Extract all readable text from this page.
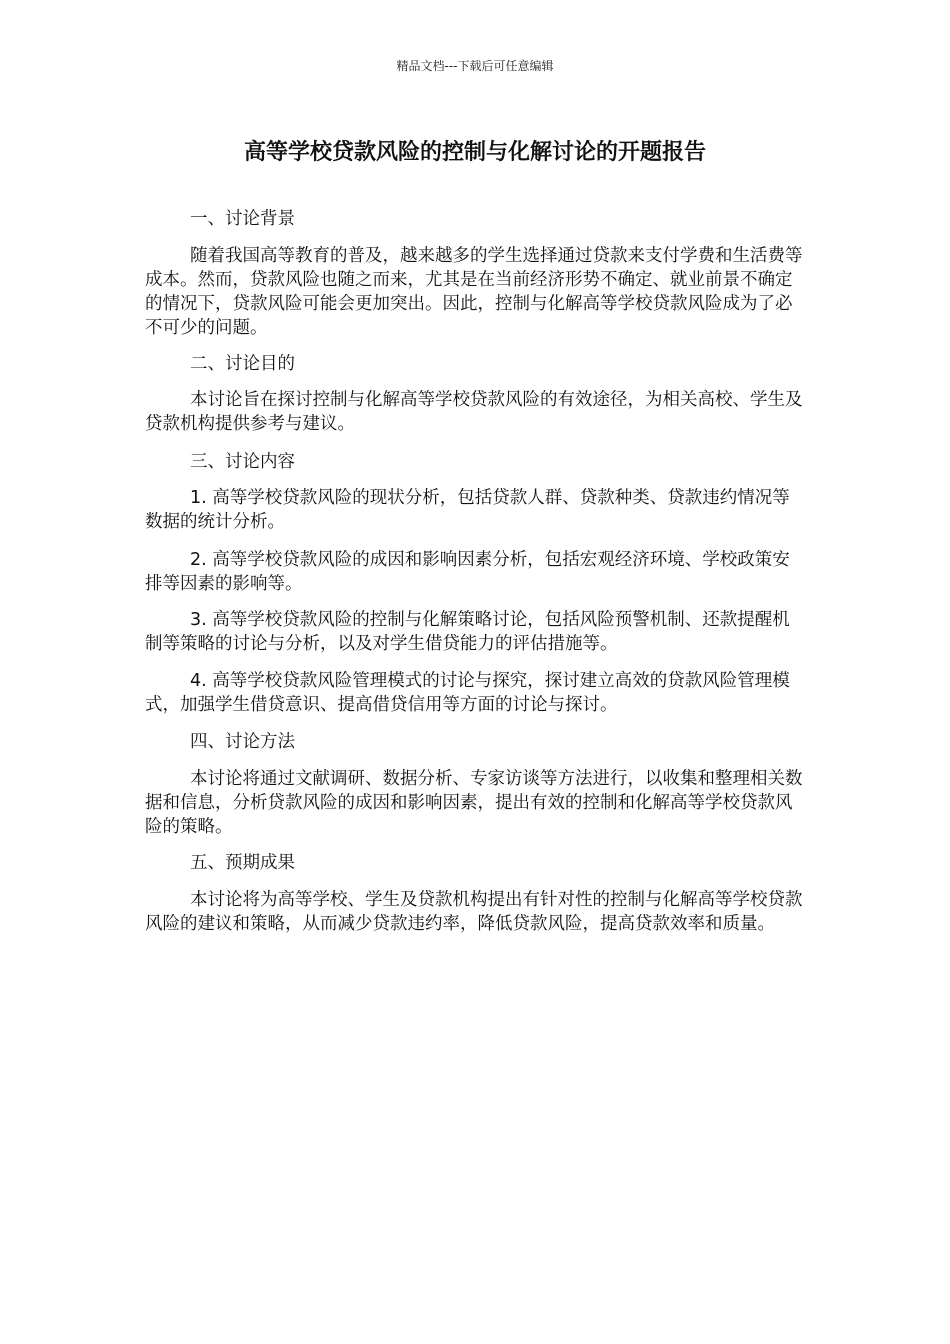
精品文档---下载后可任意编辑
高等学校贷款风险的控制与化解讨论的开题报告
一、讨论背景
随着我国高等教育的普及，越来越多的学生选择通过贷款来支付学费和生活费等
成本。然而，贷款风险也随之而来，尤其是在当前经济形势不确定、就业前景不确定
的情况下，贷款风险可能会更加突出。因此，控制与化解高等学校贷款风险成为了必
不可少的问题。
二、讨论目的
本讨论旨在探讨控制与化解高等学校贷款风险的有效途径，为相关高校、学生及
贷款机构提供参考与建议。
三、讨论内容
1. 高等学校贷款风险的现状分析，包括贷款人群、贷款种类、贷款违约情况等
数据的统计分析。
2. 高等学校贷款风险的成因和影响因素分析，包括宏观经济环境、学校政策安
排等因素的影响等。
3. 高等学校贷款风险的控制与化解策略讨论，包括风险预警机制、还款提醒机
制等策略的讨论与分析，以及对学生借贷能力的评估措施等。
4. 高等学校贷款风险管理模式的讨论与探究，探讨建立高效的贷款风险管理模
式，加强学生借贷意识、提高借贷信用等方面的讨论与探讨。
四、讨论方法
本讨论将通过文献调研、数据分析、专家访谈等方法进行，以收集和整理相关数
据和信息，分析贷款风险的成因和影响因素，提出有效的控制和化解高等学校贷款风
险的策略。
五、预期成果
本讨论将为高等学校、学生及贷款机构提出有针对性的控制与化解高等学校贷款
风险的建议和策略，从而减少贷款违约率，降低贷款风险，提高贷款效率和质量。
